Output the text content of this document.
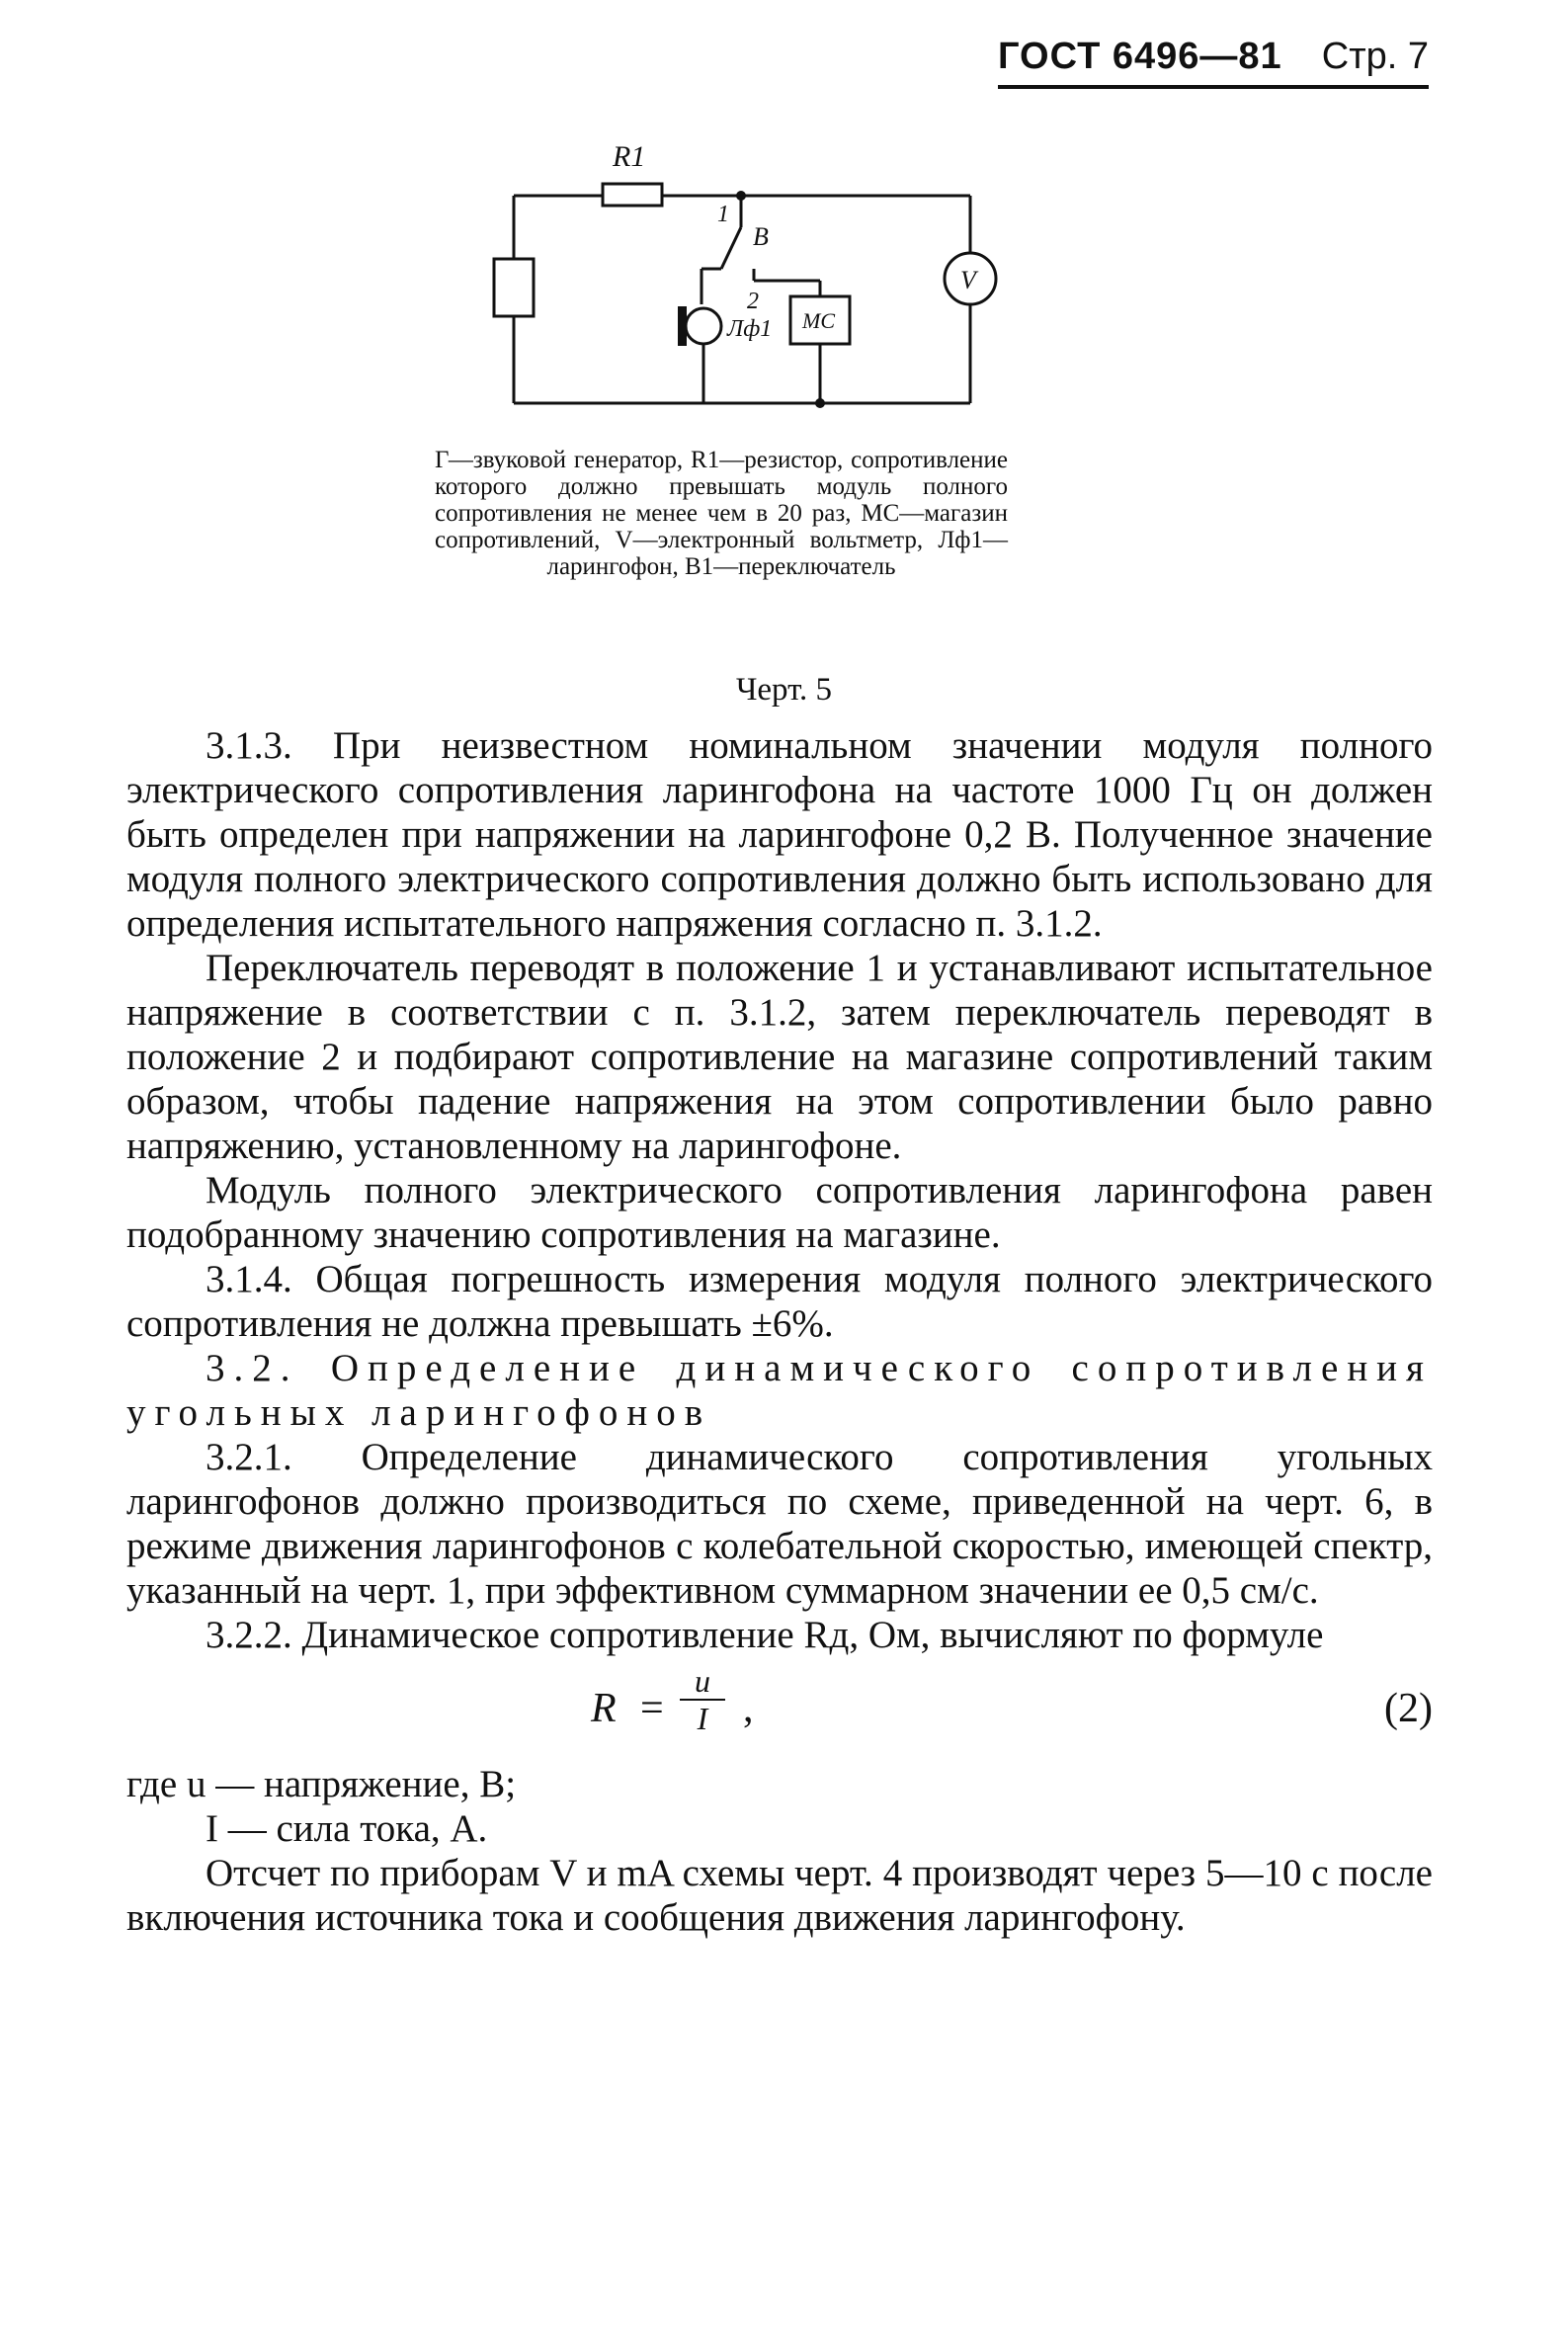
ГОСТ 6496—81 Стр. 7
R1
B
1
2
МС
Лф1
V
Г—звуковой генератор, R1—резистор, сопротивление которого должно превышать модуль полного сопротивления не менее чем в 20 раз, МС—магазин сопротивлений, V—электронный вольтметр, Лф1—ларингофон, В1—переключатель
Черт. 5

3.1.3. При неизвестном номинальном значении модуля полного электрического сопротивления ларингофона на частоте 1000 Гц он должен быть определен при напряжении на ларингофоне 0,2 В. Полученное значение модуля полного электрического сопротивления должно быть использовано для определения испытательного напряжения согласно п. 3.1.2.

Переключатель переводят в положение 1 и устанавливают испытательное напряжение в соответствии с п. 3.1.2, затем переключатель переводят в положение 2 и подбирают сопротивление на магазине сопротивлений таким образом, чтобы падение напряжения на этом сопротивлении было равно напряжению, установленному на ларингофоне.

Модуль полного электрического сопротивления ларингофона равен подобранному значению сопротивления на магазине.

3.1.4. Общая погрешность измерения модуля полного электрического сопротивления не должна превышать ±6%.

3.2. Определение динамического сопротивления угольных ларингофонов

3.2.1. Определение динамического сопротивления угольных ларингофонов должно производиться по схеме, приведенной на черт. 6, в режиме движения ларингофонов с колебательной скоростью, имеющей спектр, указанный на черт. 1, при эффективном суммарном значении ее 0,5 см/с.

3.2.2. Динамическое сопротивление Rд, Ом, вычисляют по формуле

$R = \frac{u}{I}$ ,	(2)

где u — напряжение, В;

I — сила тока, А.

Отсчет по приборам V и mA схемы черт. 4 производят через 5—10 с после включения источника тока и сообщения движения ларингофону.
